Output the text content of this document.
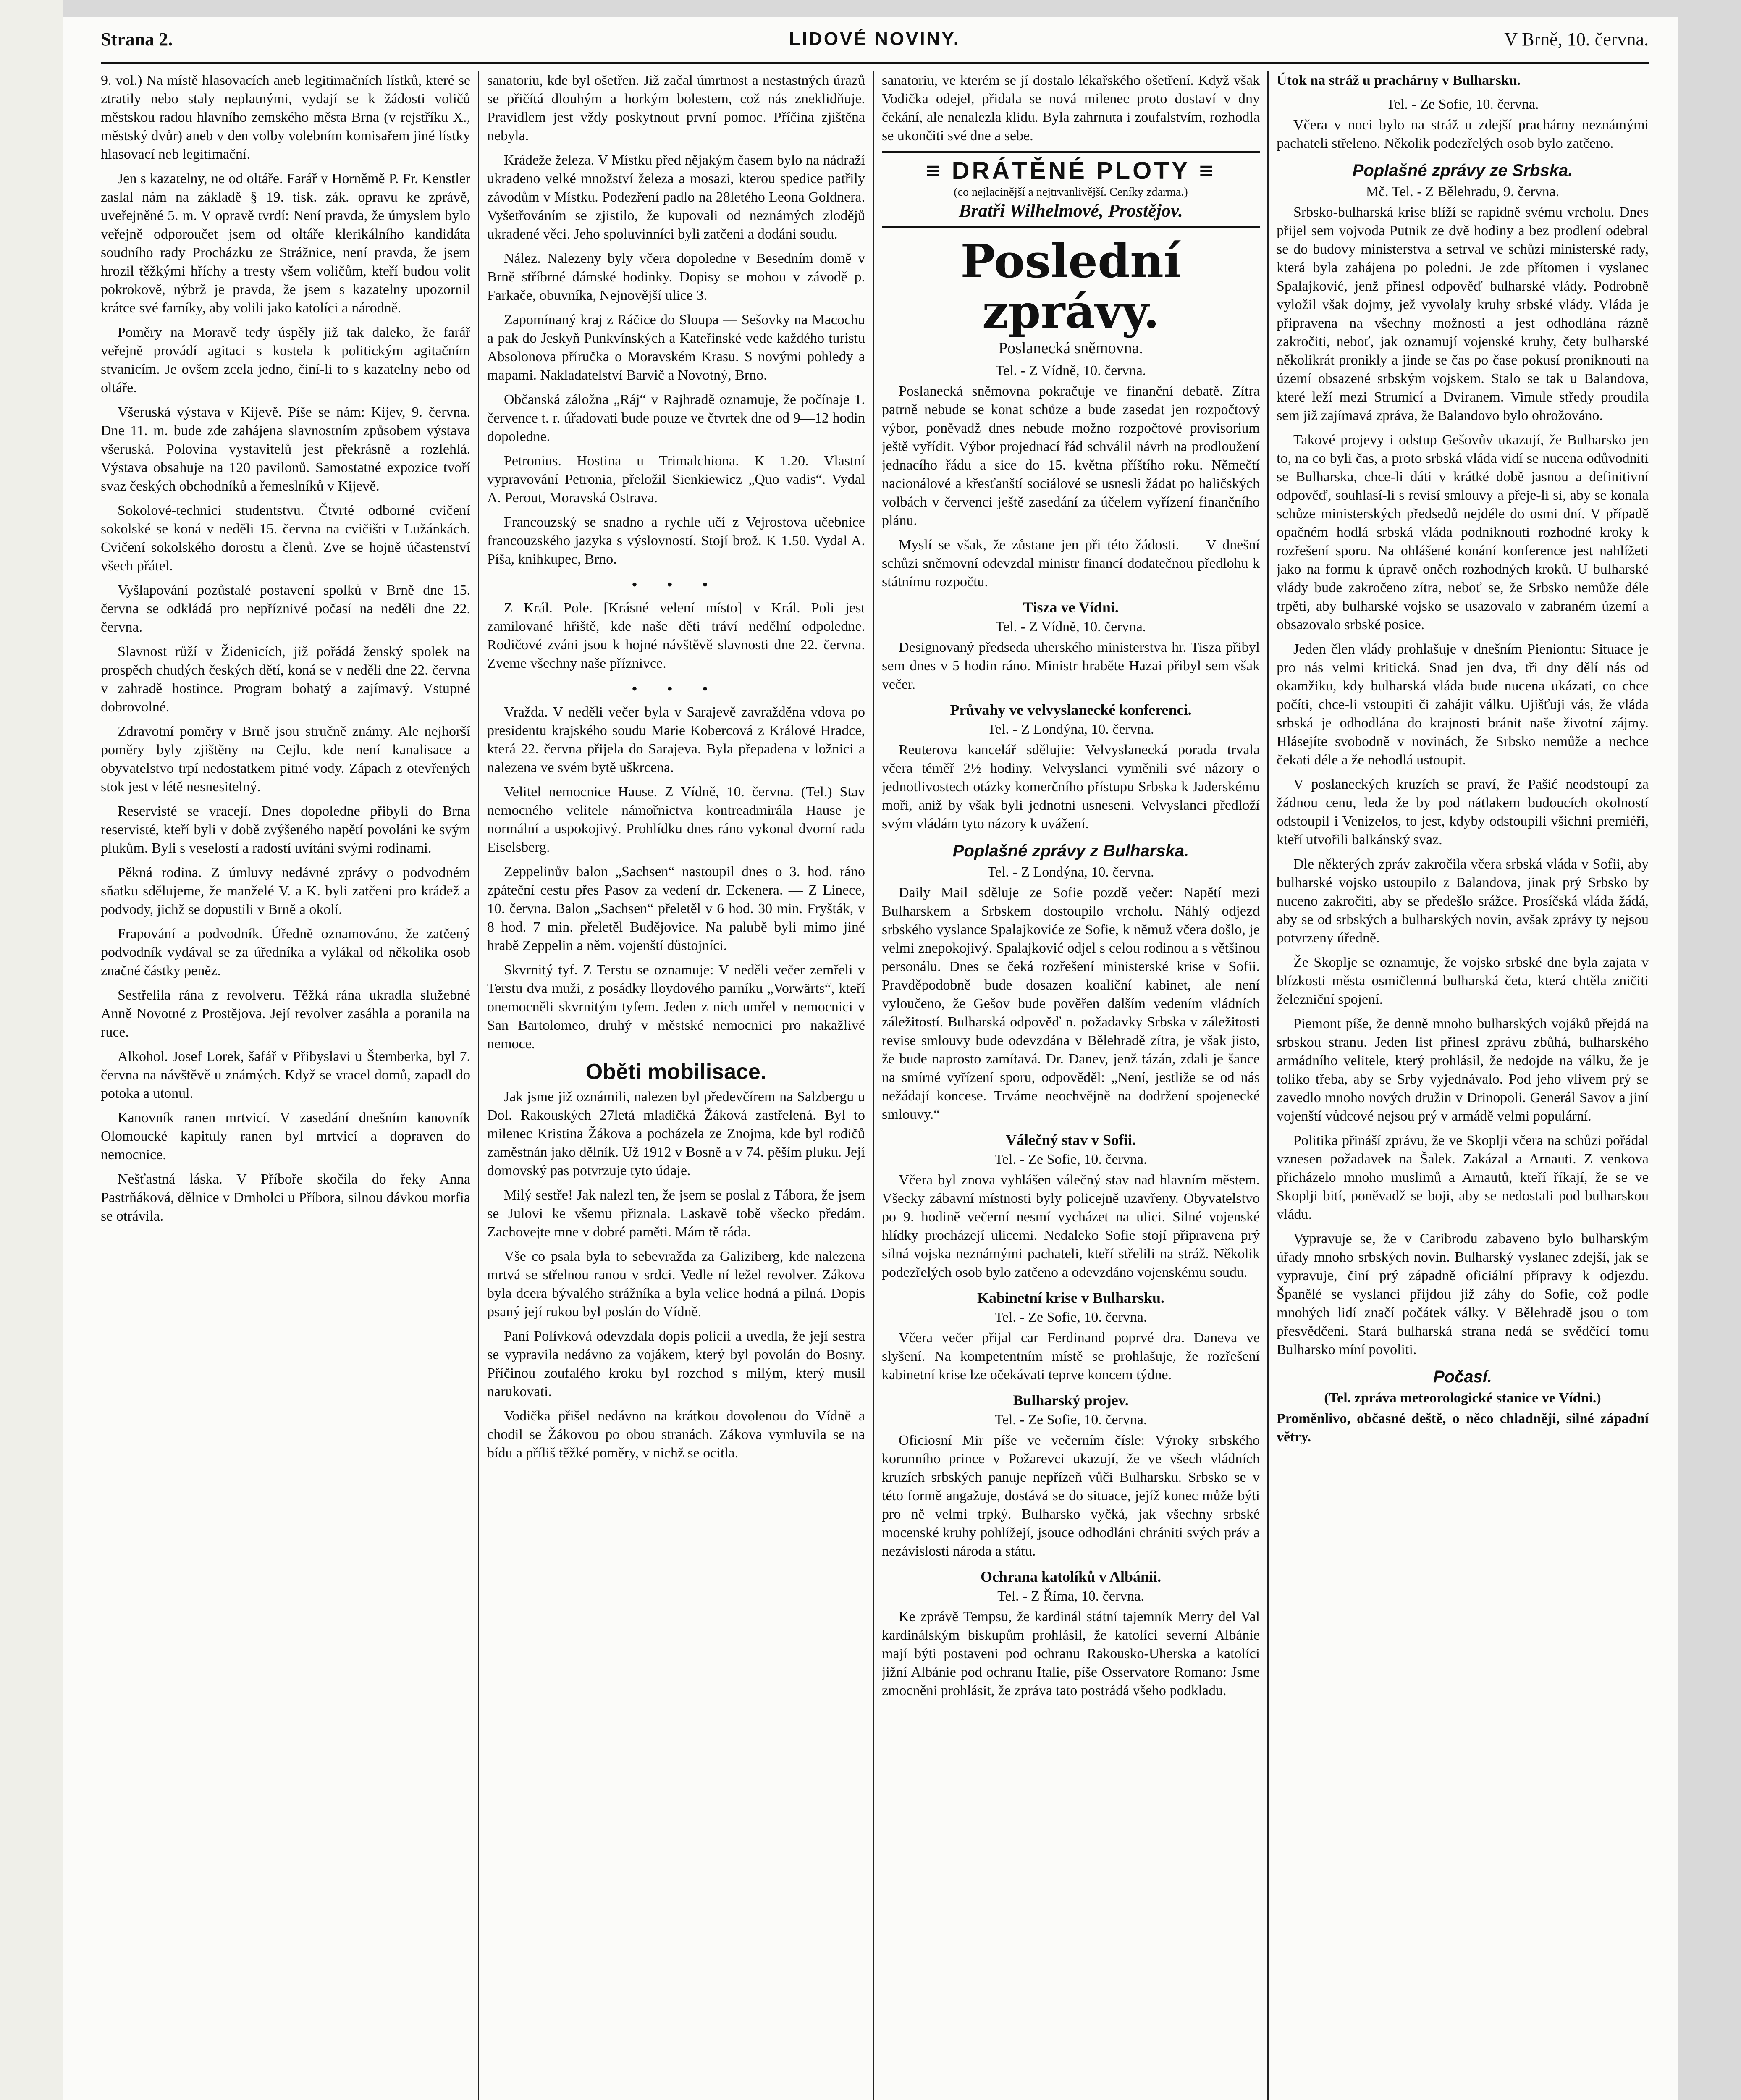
Strana 2.	LIDOVÉ NOVINY.	V Brně, 10. června.

9. vol.) Na místě hlasovacích aneb legitimačních lístků, které se ztratily nebo staly neplatnými, vydají se k žádosti voličů městskou radou hlavního zemského města Brna (v rejstříku X., městský dvůr) aneb v den volby volebním komisařem jiné lístky hlasovací neb legitimační.

Jen s kazatelny, ne od oltáře. Farář v Horněmě P. Fr. Kenstler zaslal nám na základě § 19. tisk. zák. opravu ke zprávě, uveřejněné 5. m. V opravě tvrdí: Není pravda, že úmyslem bylo veřejně odporoučet jsem od oltáře klerikálního kandidáta soudního rady Procházku ze Strážnice, není pravda, že jsem hrozil těžkými hříchy a tresty všem voličům, kteří budou volit pokrokově, nýbrž je pravda, že jsem s kazatelny upozornil krátce své farníky, aby volili jako katolíci a národně.

Poměry na Moravě tedy úspěly již tak daleko, že farář veřejně provádí agitaci s kostela k politickým agitačním stvanicím. Je ovšem zcela jedno, činí-li to s kazatelny nebo od oltáře.

Všeruská výstava v Kijevě. Píše se nám: Kijev, 9. června. Dne 11. m. bude zde zahájena slavnostním způsobem výstava všeruská. Polovina vystavitelů jest překrásně a rozlehlá. Výstava obsahuje na 120 pavilonů. Samostatné expozice tvoří svaz českých obchodníků a řemeslníků v Kijevě.

Sokolové-technici studentstvu. Čtvrté odborné cvičení sokolské se koná v neděli 15. června na cvičišti v Lužánkách. Cvičení sokolského dorostu a členů. Zve se hojně účastenství všech přátel.

Vyšlapování pozůstalé postavení spolků v Brně dne 15. června se odkládá pro nepříznivé počasí na neděli dne 22. června.

Slavnost růží v Židenicích, již pořádá ženský spolek na prospěch chudých českých dětí, koná se v neděli dne 22. června v zahradě hostince. Program bohatý a zajímavý. Vstupné dobrovolné.

Zdravotní poměry v Brně jsou stručně známy. Ale nejhorší poměry byly zjištěny na Cejlu, kde není kanalisace a obyvatelstvo trpí nedostatkem pitné vody. Zápach z otevřených stok jest v létě nesnesitelný.

Reservisté se vracejí. Dnes dopoledne přibyli do Brna reservisté, kteří byli v době zvýšeného napětí povoláni ke svým plukům. Byli s veselostí a radostí uvítáni svými rodinami.

Pěkná rodina. Z úmluvy nedávné zprávy o podvodném sňatku sdělujeme, že manželé V. a K. byli zatčeni pro krádež a podvody, jichž se dopustili v Brně a okolí.

Frapování a podvodník. Úředně oznamováno, že zatčený podvodník vydával se za úředníka a vylákal od několika osob značné částky peněz.

Sestřelila rána z revolveru. Těžká rána ukradla služebné Anně Novotné z Prostějova. Její revolver zasáhla a poranila na ruce.

Alkohol. Josef Lorek, šafář v Přibyslavi u Šternberka, byl 7. června na návštěvě u známých. Když se vracel domů, zapadl do potoka a utonul.

Kanovník ranen mrtvicí. V zasedání dnešním kanovník Olomoucké kapituly ranen byl mrtvicí a dopraven do nemocnice.

Nešťastná láska. V Příboře skočila do řeky Anna Pastrňáková, dělnice v Drnholci u Příbora, silnou dávkou morfia se otrávila.

sanatoriu, kde byl ošetřen. Již začal úmrtnost a nestastných úrazů se přičítá dlouhým a horkým bolestem, což nás zneklidňuje. Pravidlem jest vždy poskytnout první pomoc. Příčina zjištěna nebyla.

Krádeže železa. V Místku před nějakým časem bylo na nádraží ukradeno velké množství železa a mosazi, kterou spedice patřily závodům v Místku. Podezření padlo na 28letého Leona Goldnera. Vyšetřováním se zjistilo, že kupovali od neznámých zlodějů ukradené věci. Jeho spoluvinníci byli zatčeni a dodáni soudu.

Nález. Nalezeny byly včera dopoledne v Besedním domě v Brně stříbrné dámské hodinky. Dopisy se mohou v závodě p. Farkače, obuvníka, Nejnovější ulice 3.

Zapomínaný kraj z Ráčice do Sloupa — Sešovky na Macochu a pak do Jeskyň Punkvínských a Kateřinské vede každého turistu Absolonova příručka o Moravském Krasu. S novými pohledy a mapami. Nakladatelství Barvič a Novotný, Brno.

Občanská záložna „Ráj“ v Rajhradě oznamuje, že počínaje 1. července t. r. úřadovati bude pouze ve čtvrtek dne od 9—12 hodin dopoledne.

Petronius. Hostina u Trimalchiona. K 1.20. Vlastní vypravování Petronia, přeložil Sienkiewicz „Quo vadis“. Vydal A. Perout, Moravská Ostrava.

Francouzský se snadno a rychle učí z Vejrostova učebnice francouzského jazyka s výslovností. Stojí brož. K 1.50. Vydal A. Píša, knihkupec, Brno.

• • •

Z Král. Pole. [Krásné velení místo] v Král. Poli jest zamilované hřiště, kde naše děti tráví nedělní odpoledne. Rodičové zváni jsou k hojné návštěvě slavnosti dne 22. června. Zveme všechny naše příznivce.

• • •

Vražda. V neděli večer byla v Sarajevě zavražděna vdova po presidentu krajského soudu Marie Kobercová z Králové Hradce, která 22. června přijela do Sarajeva. Byla přepadena v ložnici a nalezena ve svém bytě uškrcena.

Velitel nemocnice Hause. Z Vídně, 10. června. (Tel.) Stav nemocného velitele námořnictva kontreadmirála Hause je normální a uspokojivý. Prohlídku dnes ráno vykonal dvorní rada Eiselsberg.

Zeppelinův balon „Sachsen“ nastoupil dnes o 3. hod. ráno zpáteční cestu přes Pasov za vedení dr. Eckenera. — Z Linece, 10. června. Balon „Sachsen“ přeletěl v 6 hod. 30 min. Fryšták, v 8 hod. 7 min. přeletěl Budějovice. Na palubě byli mimo jiné hrabě Zeppelin a něm. vojenští důstojníci.

Skvrnitý tyf. Z Terstu se oznamuje: V neděli večer zemřeli v Terstu dva muži, z posádky lloydového parníku „Vorwärts“, kteří onemocněli skvrnitým tyfem. Jeden z nich umřel v nemocnici v San Bartolomeo, druhý v městské nemocnici pro nakažlivé nemoce.

Oběti mobilisace.

Jak jsme již oznámili, nalezen byl předevčírem na Salzbergu u Dol. Rakouských 27letá mladičká Žáková zastřelená. Byl to milenec Kristina Žákova a pocházela ze Znojma, kde byl rodičů zaměstnán jako dělník. Už 1912 v Bosně a v 74. pěším pluku. Její domovský pas potvrzuje tyto údaje.

Milý sestře! Jak nalezl ten, že jsem se poslal z Tábora, že jsem se Julovi ke všemu přiznala. Laskavě tobě všecko předám. Zachovejte mne v dobré paměti. Mám tě ráda.

Vše co psala byla to sebevražda za Galiziberg, kde nalezena mrtvá se střelnou ranou v srdci. Vedle ní ležel revolver. Zákova byla dcera bývalého strážníka a byla velice hodná a pilná. Dopis psaný její rukou byl poslán do Vídně.

Paní Polívková odevzdala dopis policii a uvedla, že její sestra se vypravila nedávno za vojákem, který byl povolán do Bosny. Příčinou zoufalého kroku byl rozchod s milým, který musil narukovati.

Vodička přišel nedávno na krátkou dovolenou do Vídně a chodil se Žákovou po obou stranách. Zákova vymluvila se na bídu a příliš těžké poměry, v nichž se ocitla.

sanatoriu, ve kterém se jí dostalo lékařského ošetření. Když však Vodička odejel, přidala se nová milenec proto dostaví v dny čekání, ale nenalezla klidu. Byla zahrnuta i zoufalstvím, rozhodla se ukončiti své dne a sebe.

≡ DRÁTĚNÉ PLOTY ≡
(co nejlacinější a nejtrvanlivější. Ceníky zdarma.)
Bratři Wilhelmové, Prostějov.
Poslední zprávy.
Poslanecká sněmovna.
Tel. - Z Vídně, 10. června.

Poslanecká sněmovna pokračuje ve finanční debatě. Zítra patrně nebude se konat schůze a bude zasedat jen rozpočtový výbor, poněvadž dnes nebude možno rozpočtové provisorium ještě vyřídit. Výbor projednací řád schválil návrh na prodloužení jednacího řádu a sice do 15. května příštího roku. Němečtí nacionálové a křesťanští sociálové se usnesli žádat po haličských volbách v červenci ještě zasedání za účelem vyřízení finančního plánu.

Myslí se však, že zůstane jen při této žádosti. — V dnešní schůzi sněmovní odevzdal ministr financí dodatečnou předlohu k státnímu rozpočtu.

Tisza ve Vídni.
Tel. - Z Vídně, 10. června.

Designovaný předseda uherského ministerstva hr. Tisza přibyl sem dnes v 5 hodin ráno. Ministr hraběte Hazai přibyl sem však večer.

Průvahy ve velvyslanecké konferenci.
Tel. - Z Londýna, 10. června.

Reuterova kancelář sdělujie: Velvyslanecká porada trvala včera téměř 2½ hodiny. Velvyslanci vyměnili své názory o jednotlivostech otázky komerčního přístupu Srbska k Jaderskému moři, aniž by však byli jednotni usneseni. Velvyslanci předloží svým vládám tyto názory k uvážení.

Poplašné zprávy z Bulharska.
Tel. - Z Londýna, 10. června.

Daily Mail sděluje ze Sofie pozdě večer: Napětí mezi Bulharskem a Srbskem dostoupilo vrcholu. Náhlý odjezd srbského vyslance Spalajkoviće ze Sofie, k němuž včera došlo, je velmi znepokojivý. Spalajković odjel s celou rodinou a s většinou personálu. Dnes se čeká rozřešení ministerské krise v Sofii. Pravděpodobně bude dosazen koaliční kabinet, ale není vyloučeno, že Gešov bude pověřen dalším vedením vládních záležitostí. Bulharská odpověď n. požadavky Srbska v záležitosti revise smlouvy bude odevzdána v Bělehradě zítra, je však jisto, že bude naprosto zamítavá. Dr. Danev, jenž tázán, zdali je šance na smírné vyřízení sporu, odpověděl: „Není, jestliže se od nás nežádají koncese. Trváme neochvějně na dodržení spojenecké smlouvy.“

Válečný stav v Sofii.
Tel. - Ze Sofie, 10. června.

Včera byl znova vyhlášen válečný stav nad hlavním městem. Všecky zábavní místnosti byly policejně uzavřeny. Obyvatelstvo po 9. hodině večerní nesmí vycházet na ulici. Silné vojenské hlídky procházejí ulicemi. Nedaleko Sofie stojí připravena prý silná vojska neznámými pachateli, kteří střelili na stráž. Několik podezřelých osob bylo zatčeno a odevzdáno vojenskému soudu.

Kabinetní krise v Bulharsku.
Tel. - Ze Sofie, 10. června.

Včera večer přijal car Ferdinand poprvé dra. Daneva ve slyšení. Na kompetentním místě se prohlašuje, že rozřešení kabinetní krise lze očekávati teprve koncem týdne.

Bulharský projev.
Tel. - Ze Sofie, 10. června.

Oficiosní Mir píše ve večerním čísle: Výroky srbského korunního prince v Požarevci ukazují, že ve všech vládních kruzích srbských panuje nepřízeň vůči Bulharsku. Srbsko se v této formě angažuje, dostává se do situace, jejíž konec může býti pro ně velmi trpký. Bulharsko vyčká, jak všechny srbské mocenské kruhy pohlížejí, jsouce odhodláni chrániti svých práv a nezávislosti národa a státu.

Ochrana katolíků v Albánii.
Tel. - Z Říma, 10. června.

Ke zprávě Tempsu, že kardinál státní tajemník Merry del Val kardinálským biskupům prohlásil, že katolíci severní Albánie mají býti postaveni pod ochranu Rakousko-Uherska a katolíci jižní Albánie pod ochranu Italie, píše Osservatore Romano: Jsme zmocněni prohlásit, že zpráva tato postrádá všeho podkladu.

Útok na stráž u prachárny v Bulharsku.

Tel. - Ze Sofie, 10. června.

Včera v noci bylo na stráž u zdejší prachárny neznámými pachateli střeleno. Několik podezřelých osob bylo zatčeno.

Poplašné zprávy ze Srbska.
Mč. Tel. - Z Bělehradu, 9. června.

Srbsko-bulharská krise blíží se rapidně svému vrcholu. Dnes přijel sem vojvoda Putnik ze dvě hodiny a bez prodlení odebral se do budovy ministerstva a setrval ve schůzi ministerské rady, která byla zahájena po poledni. Je zde přítomen i vyslanec Spalajković, jenž přinesl odpověď bulharské vlády. Podrobně vyložil však dojmy, jež vyvolaly kruhy srbské vlády. Vláda je připravena na všechny možnosti a jest odhodlána rázně zakročiti, neboť, jak oznamují vojenské kruhy, čety bulharské několikrát pronikly a jinde se čas po čase pokusí proniknouti na území obsazené srbským vojskem. Stalo se tak u Balandova, které leží mezi Strumicí a Dviranem. Vimule středy proudila sem již zajímavá zpráva, že Balandovo bylo ohrožováno.

Takové projevy i odstup Gešovův ukazují, že Bulharsko jen to, na co byli čas, a proto srbská vláda vidí se nucena odůvodniti se Bulharska, chce-li dáti v krátké době jasnou a definitivní odpověď, souhlasí-li s revisí smlouvy a přeje-li si, aby se konala schůze ministerských předsedů nejdéle do osmi dní. V případě opačném hodlá srbská vláda podniknouti rozhodné kroky k rozřešení sporu. Na ohlášené konání konference jest nahlížeti jako na formu k úpravě oněch rozhodných kroků. U bulharské vlády bude zakročeno zítra, neboť se, že Srbsko nemůže déle trpěti, aby bulharské vojsko se usazovalo v zabraném území a obsazovalo srbské posice.

Jeden člen vlády prohlašuje v dnešním Pieniontu: Situace je pro nás velmi kritická. Snad jen dva, tři dny dělí nás od okamžiku, kdy bulharská vláda bude nucena ukázati, co chce počíti, chce-li vstoupiti či zahájit válku. Ujišťuji vás, že vláda srbská je odhodlána do krajnosti bránit naše životní zájmy. Hlásejíte svobodně v novinách, že Srbsko nemůže a nechce čekati déle a že nehodlá ustoupit.

V poslaneckých kruzích se praví, že Pašić neodstoupí za žádnou cenu, leda že by pod nátlakem budoucích okolností odstoupil i Venizelos, to jest, kdyby odstoupili všichni premiéři, kteří utvořili balkánský svaz.

Dle některých zpráv zakročila včera srbská vláda v Sofii, aby bulharské vojsko ustoupilo z Balandova, jinak prý Srbsko by nuceno zakročiti, aby se předešlo srážce. Prosíčská vláda žádá, aby se od srbských a bulharských novin, avšak zprávy ty nejsou potvrzeny úředně.

Že Skoplje se oznamuje, že vojsko srbské dne byla zajata v blízkosti města osmičlenná bulharská četa, která chtěla zničiti železniční spojení.

Piemont píše, že denně mnoho bulharských vojáků přejdá na srbskou stranu. Jeden list přinesl zprávu zbůhá, bulharského armádního velitele, který prohlásil, že nedojde na válku, že je toliko třeba, aby se Srby vyjednávalo. Pod jeho vlivem prý se zavedlo mnoho nových družin v Drinopoli. Generál Savov a jiní vojenští vůdcové nejsou prý v armádě velmi populární.

Politika přináší zprávu, že ve Skoplji včera na schůzi pořádal vznesen požadavek na Šalek. Zakázal a Arnauti. Z venkova přicházelo mnoho muslimů a Arnautů, kteří říkají, že se ve Skoplji bití, poněvadž se boji, aby se nedostali pod bulharskou vládu.

Vypravuje se, že v Caribrodu zabaveno bylo bulharským úřady mnoho srbských novin. Bulharský vyslanec zdejší, jak se vypravuje, činí prý západně oficiální přípravy k odjezdu. Španělé se vyslanci přijdou již záhy do Sofie, což podle mnohých lidí značí počátek války. V Bělehradě jsou o tom přesvědčeni. Stará bulharská strana nedá se svědčící tomu Bulharsko míní povoliti.

Počasí.
(Tel. zpráva meteorologické stanice ve Vídni.)

Proměnlivo, občasné deště, o něco chladněji, silné západní větry.
